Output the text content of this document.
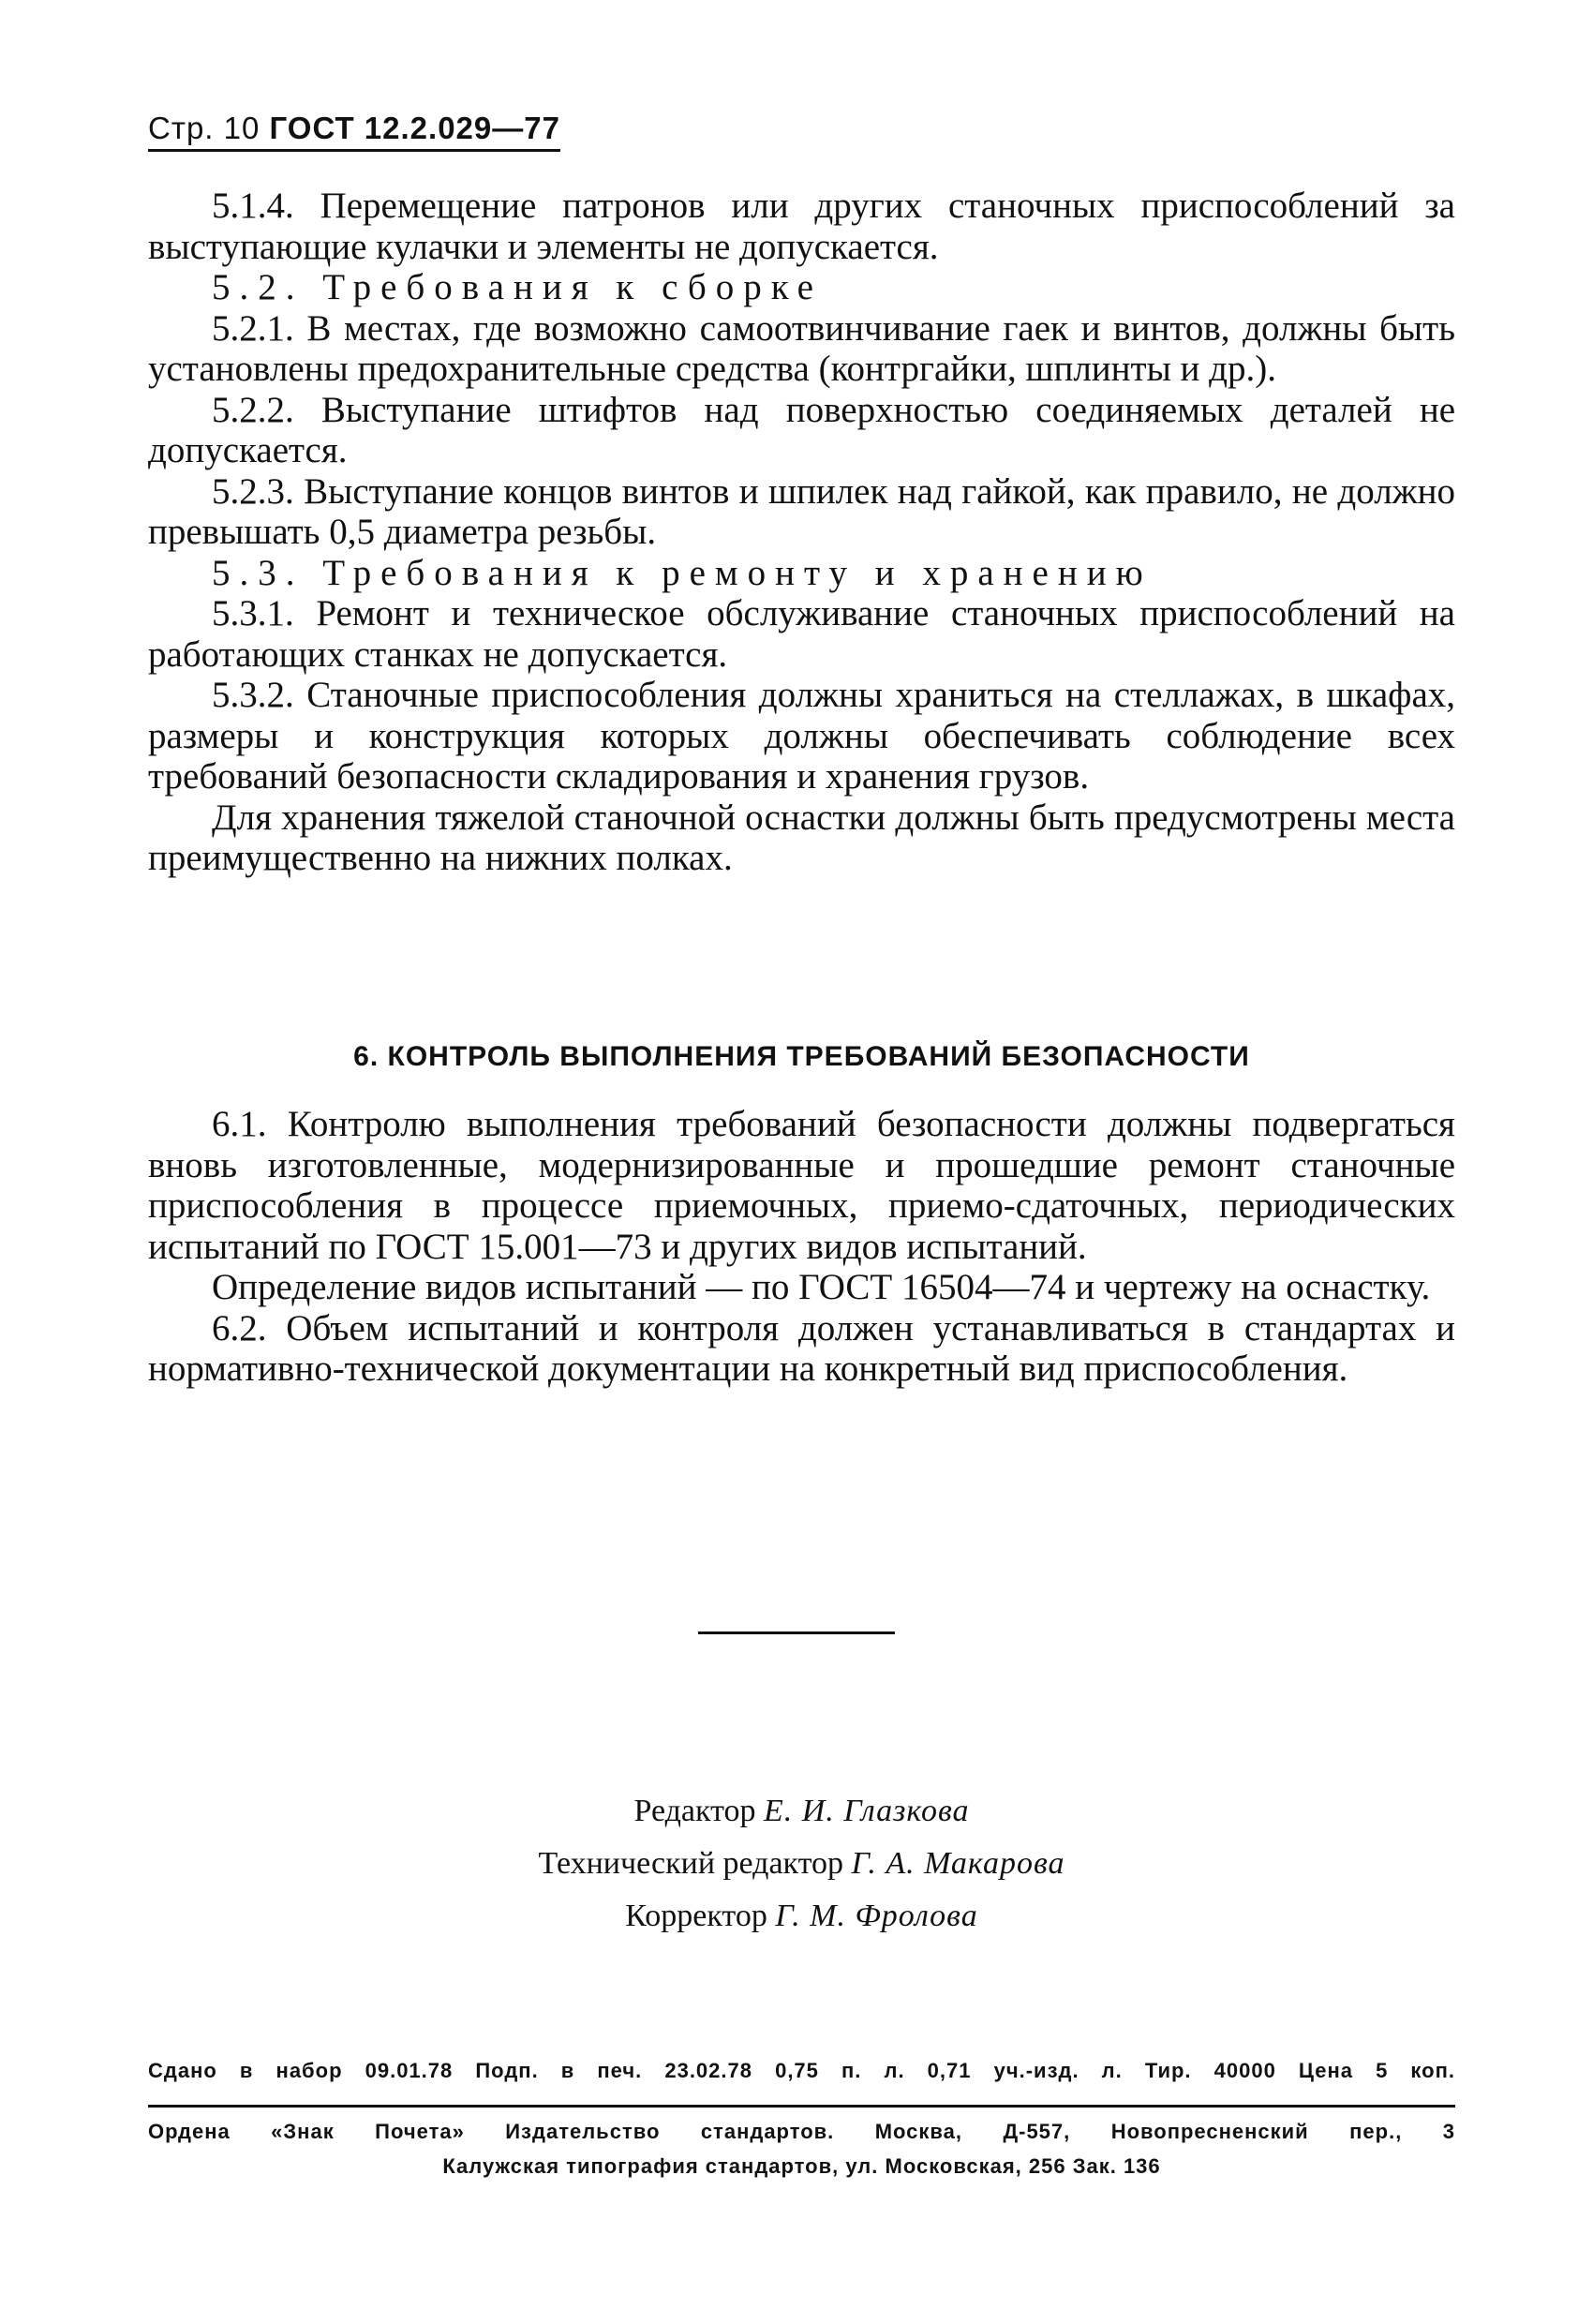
Стр. 10 ГОСТ 12.2.029—77

5.1.4. Перемещение патронов или других станочных приспособлений за выступающие кулачки и элементы не допускается.

5.2. Требования к сборке

5.2.1. В местах, где возможно самоотвинчивание гаек и винтов, должны быть установлены предохранительные средства (контргайки, шплинты и др.).

5.2.2. Выступание штифтов над поверхностью соединяемых деталей не допускается.

5.2.3. Выступание концов винтов и шпилек над гайкой, как правило, не должно превышать 0,5 диаметра резьбы.

5.3. Требования к ремонту и хранению

5.3.1. Ремонт и техническое обслуживание станочных приспособлений на работающих станках не допускается.

5.3.2. Станочные приспособления должны храниться на стеллажах, в шкафах, размеры и конструкция которых должны обеспечивать соблюдение всех требований безопасности складирования и хранения грузов.

Для хранения тяжелой станочной оснастки должны быть предусмотрены места преимущественно на нижних полках.

6. КОНТРОЛЬ ВЫПОЛНЕНИЯ ТРЕБОВАНИЙ БЕЗОПАСНОСТИ

6.1. Контролю выполнения требований безопасности должны подвергаться вновь изготовленные, модернизированные и прошедшие ремонт станочные приспособления в процессе приемочных, приемо-сдаточных, периодических испытаний по ГОСТ 15.001—73 и других видов испытаний.

Определение видов испытаний — по ГОСТ 16504—74 и чертежу на оснастку.

6.2. Объем испытаний и контроля должен устанавливаться в стандартах и нормативно-технической документации на конкретный вид приспособления.

Редактор Е. И. Глазкова
Технический редактор Г. А. Макарова
Корректор Г. М. Фролова
Сдано в набор 09.01.78 Подп. в печ. 23.02.78 0,75 п. л. 0,71 уч.-изд. л. Тир. 40000 Цена 5 коп.
Ордена «Знак Почета» Издательство стандартов. Москва, Д-557, Новопресненский пер., 3
Калужская типография стандартов, ул. Московская, 256 Зак. 136
